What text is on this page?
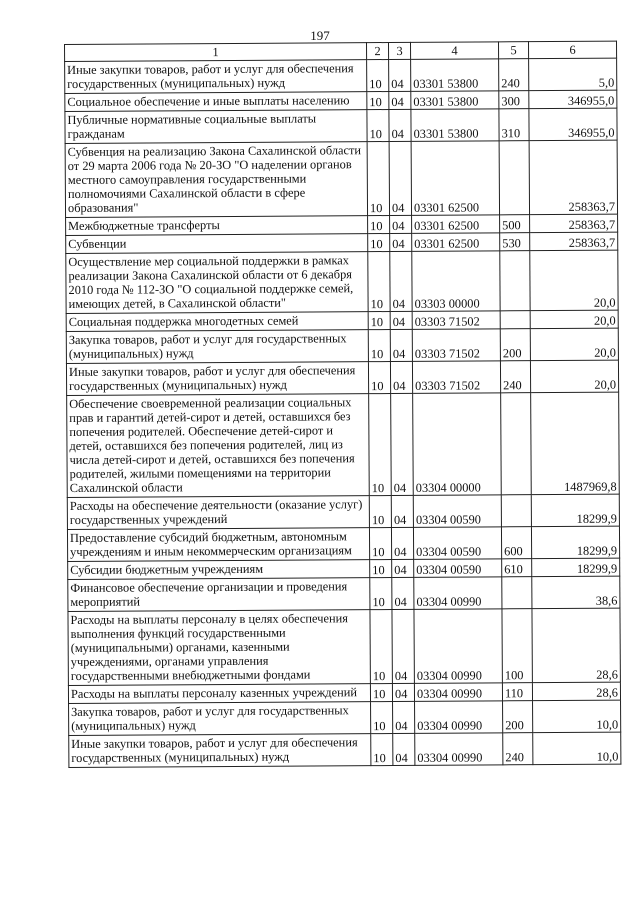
197
1	2	3	4	5	6
Иные закупки товаров, работ и услуг для обеспечения государственных (муниципальных) нужд	10	04	03301 53800	240	5,0
Социальное обеспечение и иные выплаты населению	10	04	03301 53800	300	346955,0
Публичные нормативные социальные выплаты гражданам	10	04	03301 53800	310	346955,0
Субвенция на реализацию Закона Сахалинской области от 29 марта 2006 года № 20-ЗО "О наделении органов местного самоуправления государственными полномочиями Сахалинской области в сфере образования"	10	04	03301 62500		258363,7
Межбюджетные трансферты	10	04	03301 62500	500	258363,7
Субвенции	10	04	03301 62500	530	258363,7
Осуществление мер социальной поддержки в рамках реализации Закона Сахалинской области от 6 декабря 2010 года № 112-ЗО "О социальной поддержке семей, имеющих детей, в Сахалинской области"	10	04	03303 00000		20,0
Социальная поддержка многодетных семей	10	04	03303 71502		20,0
Закупка товаров, работ и услуг для государственных (муниципальных) нужд	10	04	03303 71502	200	20,0
Иные закупки товаров, работ и услуг для обеспечения государственных (муниципальных) нужд	10	04	03303 71502	240	20,0
Обеспечение своевременной реализации социальных прав и гарантий детей-сирот и детей, оставшихся без попечения родителей. Обеспечение детей-сирот и детей, оставшихся без попечения родителей, лиц из числа детей-сирот и детей, оставшихся без попечения родителей, жилыми помещениями на территории Сахалинской области	10	04	03304 00000		1487969,8
Расходы на обеспечение деятельности (оказание услуг) государственных учреждений	10	04	03304 00590		18299,9
Предоставление субсидий бюджетным, автономным учреждениям и иным некоммерческим организациям	10	04	03304 00590	600	18299,9
Субсидии бюджетным учреждениям	10	04	03304 00590	610	18299,9
Финансовое обеспечение организации и проведения мероприятий	10	04	03304 00990		38,6
Расходы на выплаты персоналу в целях обеспечения выполнения функций государственными (муниципальными) органами, казенными учреждениями, органами управления государственными внебюджетными фондами	10	04	03304 00990	100	28,6
Расходы на выплаты персоналу казенных учреждений	10	04	03304 00990	110	28,6
Закупка товаров, работ и услуг для государственных (муниципальных) нужд	10	04	03304 00990	200	10,0
Иные закупки товаров, работ и услуг для обеспечения государственных (муниципальных) нужд	10	04	03304 00990	240	10,0
